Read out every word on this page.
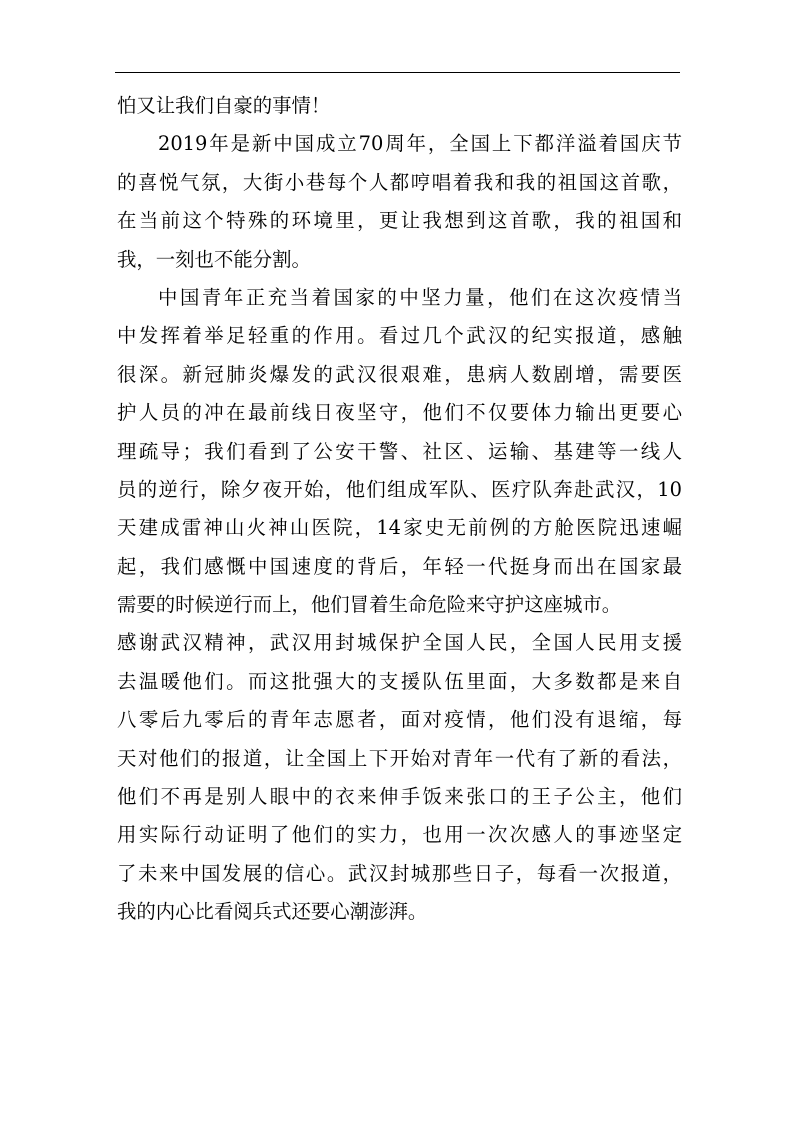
怕又让我们自豪的事情！
2019年是新中国成立70周年，全国上下都洋溢着国庆节
的喜悦气氛，大街小巷每个人都哼唱着我和我的祖国这首歌，
在当前这个特殊的环境里，更让我想到这首歌，我的祖国和
我，一刻也不能分割。
中国青年正充当着国家的中坚力量，他们在这次疫情当
中发挥着举足轻重的作用。看过几个武汉的纪实报道，感触
很深。新冠肺炎爆发的武汉很艰难，患病人数剧增，需要医
护人员的冲在最前线日夜坚守，他们不仅要体力输出更要心
理疏导；我们看到了公安干警、社区、运输、基建等一线人
员的逆行，除夕夜开始，他们组成军队、医疗队奔赴武汉，10
天建成雷神山火神山医院，14家史无前例的方舱医院迅速崛
起，我们感慨中国速度的背后，年轻一代挺身而出在国家最
需要的时候逆行而上，他们冒着生命危险来守护这座城市。
感谢武汉精神，武汉用封城保护全国人民，全国人民用支援
去温暖他们。而这批强大的支援队伍里面，大多数都是来自
八零后九零后的青年志愿者，面对疫情，他们没有退缩，每
天对他们的报道，让全国上下开始对青年一代有了新的看法，
他们不再是别人眼中的衣来伸手饭来张口的王子公主，他们
用实际行动证明了他们的实力，也用一次次感人的事迹坚定
了未来中国发展的信心。武汉封城那些日子，每看一次报道，
我的内心比看阅兵式还要心潮澎湃。
